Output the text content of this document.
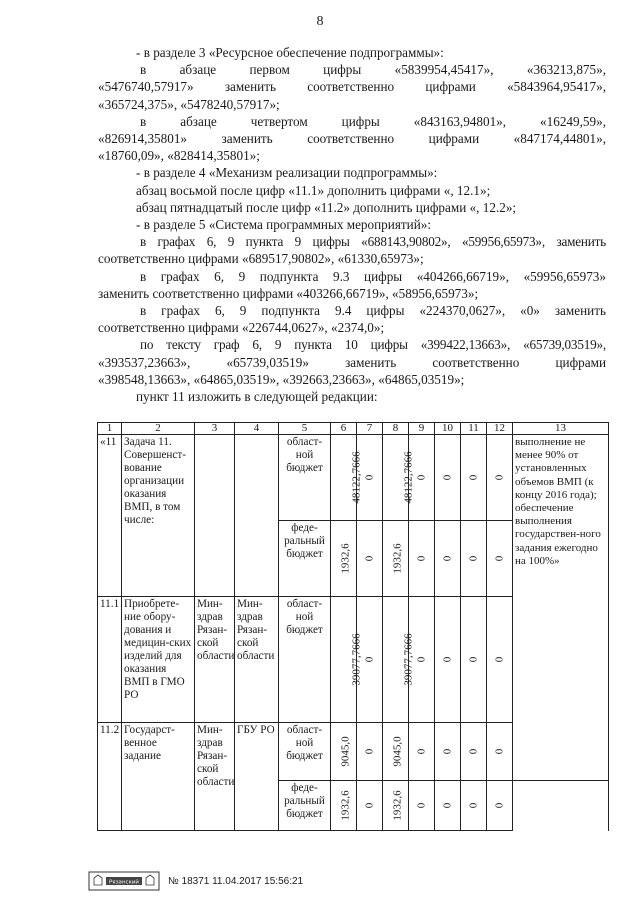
8

- в разделе 3 «Ресурсное обеспечение подпрограммы»:

в абзаце первом цифры «5839954,45417», «363213,875»,

«5476740,57917» заменить соответственно цифрами «5843964,95417»,

«365724,375», «5478240,57917»;

в абзаце четвертом цифры «843163,94801», «16249,59»,

«826914,35801» заменить соответственно цифрами «847174,44801»,

«18760,09», «828414,35801»;

- в разделе 4 «Механизм реализации подпрограммы»:

абзац восьмой после цифр «11.1» дополнить цифрами «, 12.1»;

абзац пятнадцатый после цифр «11.2» дополнить цифрами «, 12.2»;

- в разделе 5 «Система программных мероприятий»:

в графах 6, 9 пункта 9 цифры «688143,90802», «59956,65973», заменить

соответственно цифрами «689517,90802», «61330,65973»;

в графах 6, 9 подпункта 9.3 цифры «404266,66719», «59956,65973»

заменить соответственно цифрами «403266,66719», «58956,65973»;

в графах 6, 9 подпункта 9.4 цифры «224370,0627», «0» заменить

соответственно цифрами «226744,0627», «2374,0»;

по тексту граф 6, 9 пункта 10 цифры «399422,13663», «65739,03519»,

«393537,23663», «65739,03519» заменить соответственно цифрами

«398548,13663», «64865,03519», «392663,23663», «64865,03519»;

пункт 11 изложить в следующей редакции:

1	2	3	4	5	6	7	8	9	10	11	12	13	
«11	Задача 11. Совершенст-вование организации оказания ВМП, в том числе:			област-ной бюджет	48122,7666	0	48122,7666	0	0	0	0	выполнение не менее 90% от установленных объемов ВМП (к концу 2016 года); обеспечение выполнения государствен-ного задания ежегодно на 100%»	
				феде-ральный бюджет	1932,6	0	1932,6	0	0	0	0		
11.1	Приобрете-ние обору-дования и медицин-ских изделий для оказания ВМП в ГМО РО	Мин-здрав Рязан-ской области	Мин-здрав Рязан-ской области	област-ной бюджет	39077,7666	0	39077,7666	0	0	0	0		
11.2	Государст-венное задание	Мин-здрав Рязан-ской области	ГБУ РО	област-ной бюджет	9045,0	0	9045,0	0	0	0	0		
				феде-ральный бюджет	1932,6	0	1932,6	0	0	0	0		
Рязанский	№ 18371 11.04.2017 15:56:21
